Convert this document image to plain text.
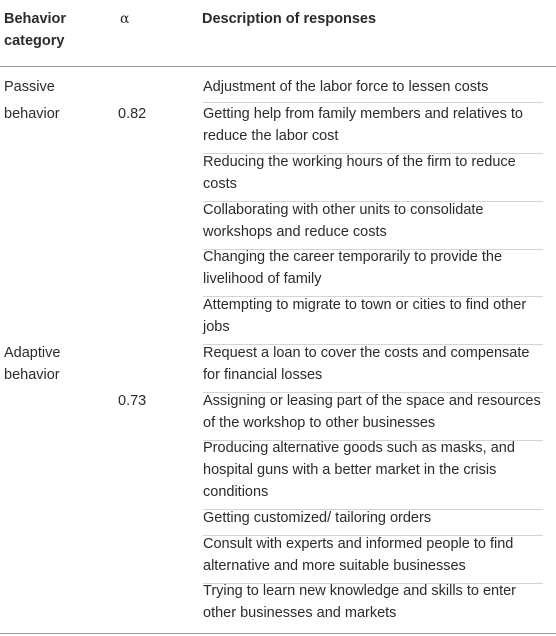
Behavior category
α	Description of responses
Passive
behavior	0.82
Adjustment of the labor force to lessen costs
Getting help from family members and relatives to reduce the labor cost
Reducing the working hours of the firm to reduce costs
Collaborating with other units to consolidate workshops and reduce costs
Changing the career temporarily to provide the livelihood of family
Attempting to migrate to town or cities to find other jobs
Adaptive
behavior
0.73
Request a loan to cover the costs and compensate for financial losses
Assigning or leasing part of the space and resources of the workshop to other businesses
Producing alternative goods such as masks, and hospital guns with a better market in the crisis conditions
Getting customized/ tailoring orders
Consult with experts and informed people to find alternative and more suitable businesses
Trying to learn new knowledge and skills to enter other businesses and markets
